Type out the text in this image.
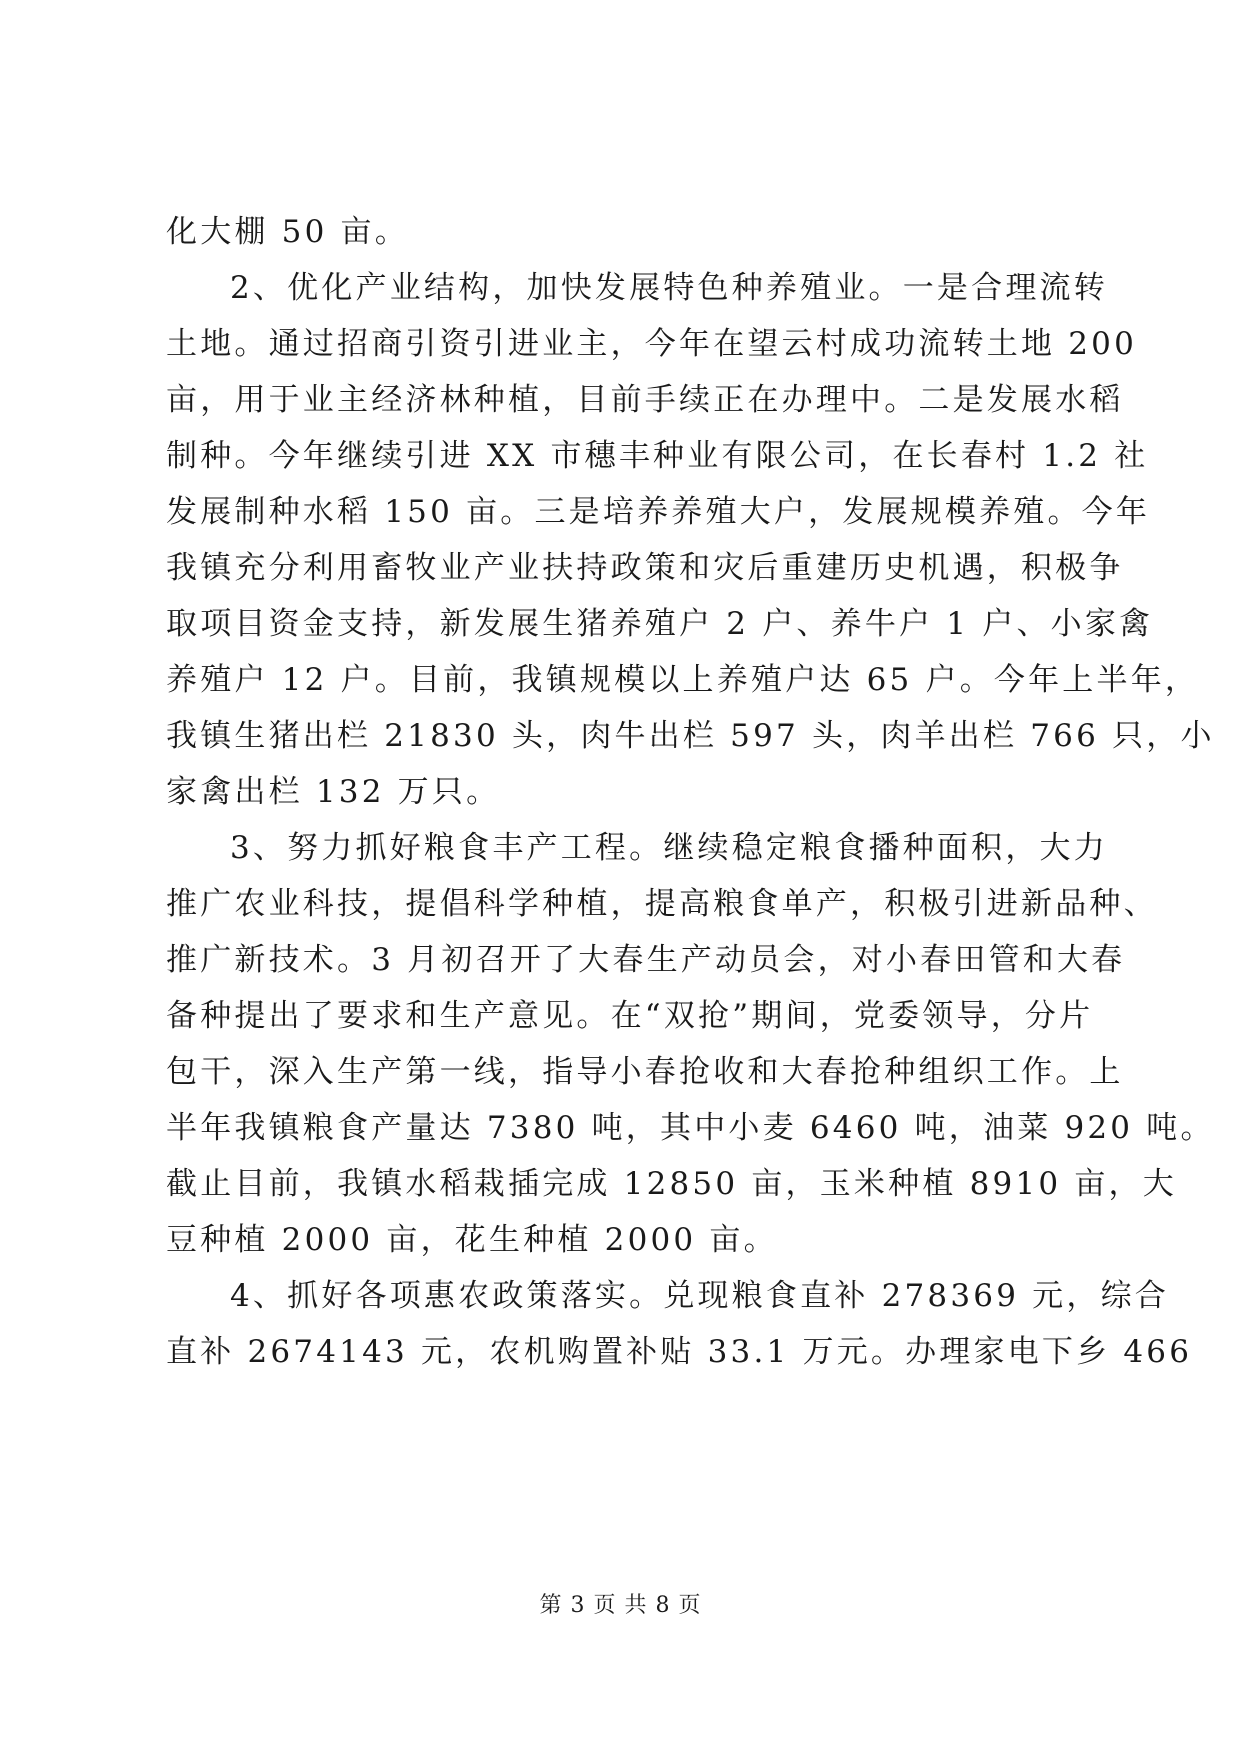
化大棚 50 亩。
2、优化产业结构，加快发展特色种养殖业。一是合理流转
土地。通过招商引资引进业主，今年在望云村成功流转土地 200
亩，用于业主经济林种植，目前手续正在办理中。二是发展水稻
制种。今年继续引进 XX 市穗丰种业有限公司，在长春村 1.2 社
发展制种水稻 150 亩。三是培养养殖大户，发展规模养殖。今年
我镇充分利用畜牧业产业扶持政策和灾后重建历史机遇，积极争
取项目资金支持，新发展生猪养殖户 2 户、养牛户 1 户、小家禽
养殖户 12 户。目前，我镇规模以上养殖户达 65 户。今年上半年，
我镇生猪出栏 21830 头，肉牛出栏 597 头，肉羊出栏 766 只，小
家禽出栏 132 万只。
3、努力抓好粮食丰产工程。继续稳定粮食播种面积，大力
推广农业科技，提倡科学种植，提高粮食单产，积极引进新品种、
推广新技术。3 月初召开了大春生产动员会，对小春田管和大春
备种提出了要求和生产意见。在“双抢”期间，党委领导，分片
包干，深入生产第一线，指导小春抢收和大春抢种组织工作。上
半年我镇粮食产量达 7380 吨，其中小麦 6460 吨，油菜 920 吨。
截止目前，我镇水稻栽插完成 12850 亩，玉米种植 8910 亩，大
豆种植 2000 亩，花生种植 2000 亩。
4、抓好各项惠农政策落实。兑现粮食直补 278369 元，综合
直补 2674143 元，农机购置补贴 33.1 万元。办理家电下乡 466
第 3 页 共 8 页
